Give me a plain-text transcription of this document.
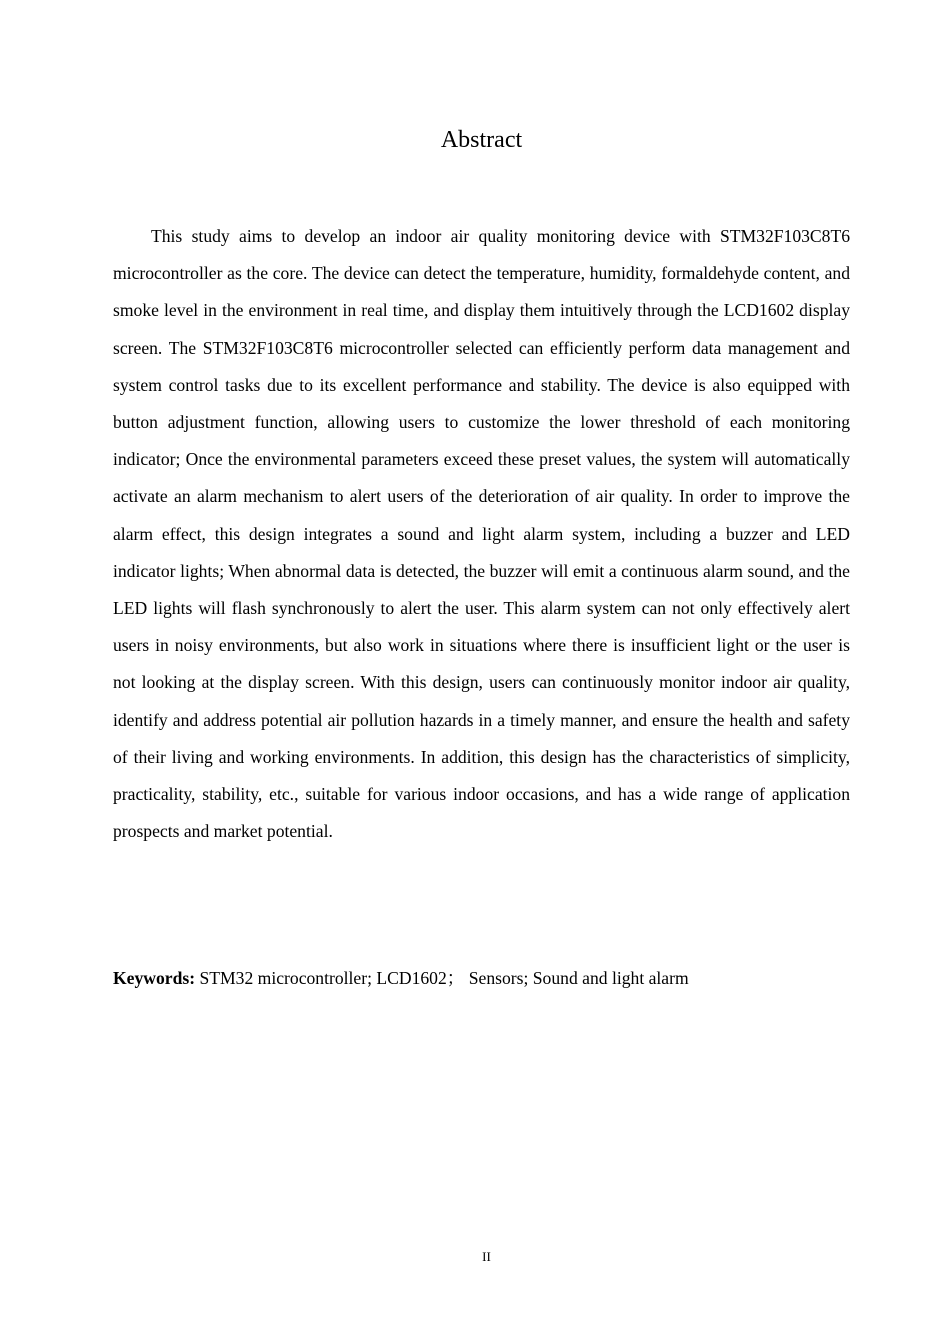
Abstract

This study aims to develop an indoor air quality monitoring device with STM32F103C8T6 microcontroller as the core. The device can detect the temperature, humidity, formaldehyde content, and smoke level in the environment in real time, and display them intuitively through the LCD1602 display screen. The STM32F103C8T6 microcontroller selected can efficiently perform data management and system control tasks due to its excellent performance and stability. The device is also equipped with button adjustment function, allowing users to customize the lower threshold of each monitoring indicator; Once the environmental parameters exceed these preset values, the system will automatically activate an alarm mechanism to alert users of the deterioration of air quality. In order to improve the alarm effect, this design integrates a sound and light alarm system, including a buzzer and LED indicator lights; When abnormal data is detected, the buzzer will emit a continuous alarm sound, and the LED lights will flash synchronously to alert the user. This alarm system can not only effectively alert users in noisy environments, but also work in situations where there is insufficient light or the user is not looking at the display screen. With this design, users can continuously monitor indoor air quality, identify and address potential air pollution hazards in a timely manner, and ensure the health and safety of their living and working environments. In addition, this design has the characteristics of simplicity, practicality, stability, etc., suitable for various indoor occasions, and has a wide range of application prospects and market potential.

Keywords: STM32 microcontroller; LCD1602； Sensors; Sound and light alarm

II
